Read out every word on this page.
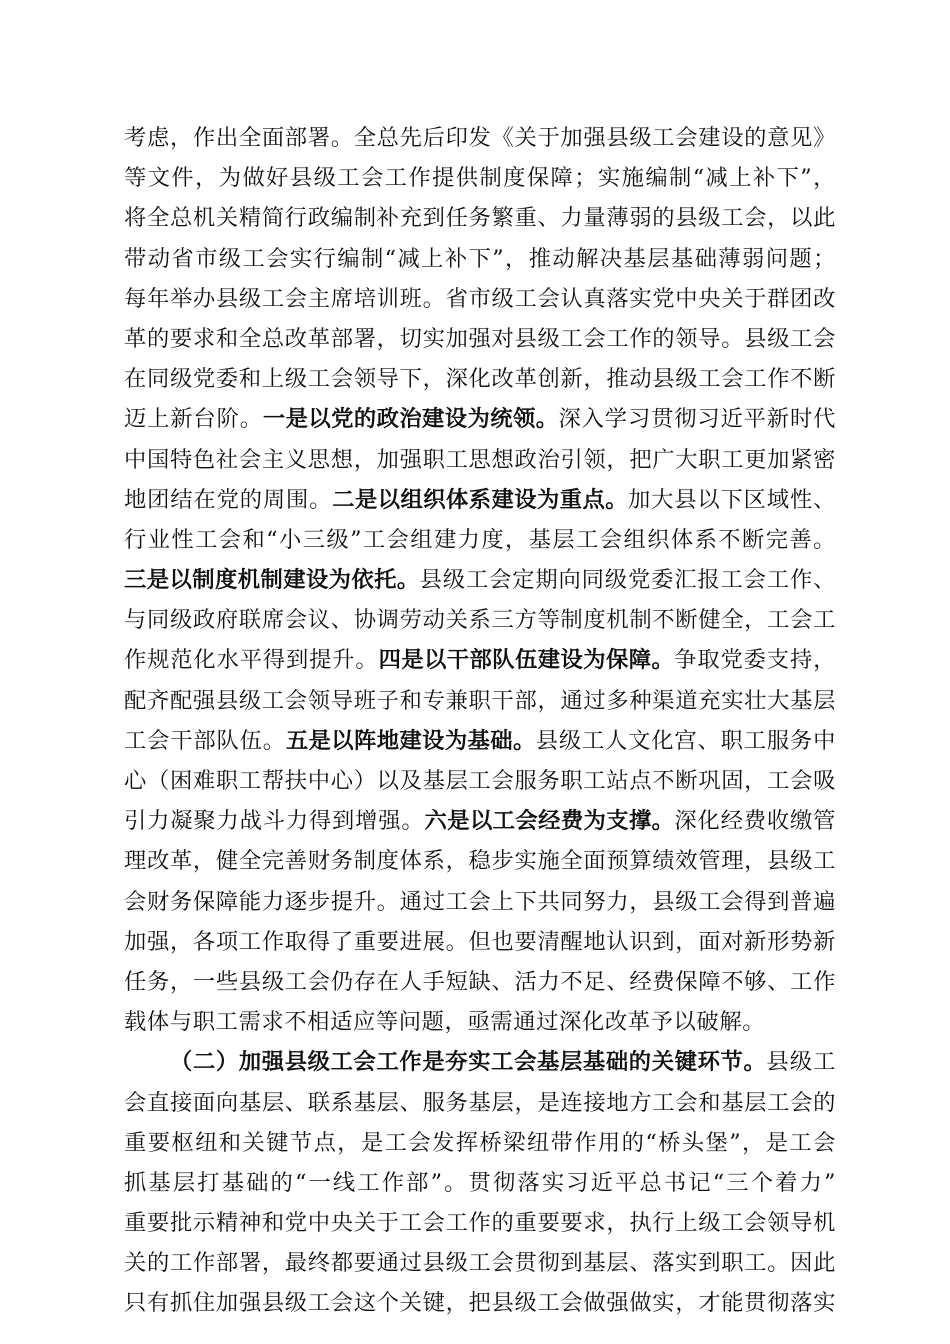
考虑，作出全面部署。全总先后印发《关于加强县级工会建设的意见》
等文件，为做好县级工会工作提供制度保障；实施编制“减上补下”，
将全总机关精简行政编制补充到任务繁重、力量薄弱的县级工会，以此
带动省市级工会实行编制“减上补下”，推动解决基层基础薄弱问题；
每年举办县级工会主席培训班。省市级工会认真落实党中央关于群团改
革的要求和全总改革部署，切实加强对县级工会工作的领导。县级工会
在同级党委和上级工会领导下，深化改革创新，推动县级工会工作不断
迈上新台阶。一是以党的政治建设为统领。深入学习贯彻习近平新时代
中国特色社会主义思想，加强职工思想政治引领，把广大职工更加紧密
地团结在党的周围。二是以组织体系建设为重点。加大县以下区域性、
行业性工会和“小三级”工会组建力度，基层工会组织体系不断完善。
三是以制度机制建设为依托。县级工会定期向同级党委汇报工会工作、
与同级政府联席会议、协调劳动关系三方等制度机制不断健全，工会工
作规范化水平得到提升。四是以干部队伍建设为保障。争取党委支持，
配齐配强县级工会领导班子和专兼职干部，通过多种渠道充实壮大基层
工会干部队伍。五是以阵地建设为基础。县级工人文化宫、职工服务中
心（困难职工帮扶中心）以及基层工会服务职工站点不断巩固，工会吸
引力凝聚力战斗力得到增强。六是以工会经费为支撑。深化经费收缴管
理改革，健全完善财务制度体系，稳步实施全面预算绩效管理，县级工
会财务保障能力逐步提升。通过工会上下共同努力，县级工会得到普遍
加强，各项工作取得了重要进展。但也要清醒地认识到，面对新形势新
任务，一些县级工会仍存在人手短缺、活力不足、经费保障不够、工作
载体与职工需求不相适应等问题，亟需通过深化改革予以破解。
（二）加强县级工会工作是夯实工会基层基础的关键环节。县级工
会直接面向基层、联系基层、服务基层，是连接地方工会和基层工会的
重要枢纽和关键节点，是工会发挥桥梁纽带作用的“桥头堡”，是工会
抓基层打基础的“一线工作部”。贯彻落实习近平总书记“三个着力”
重要批示精神和党中央关于工会工作的重要要求，执行上级工会领导机
关的工作部署，最终都要通过县级工会贯彻到基层、落实到职工。因此
只有抓住加强县级工会这个关键，把县级工会做强做实，才能贯彻落实
